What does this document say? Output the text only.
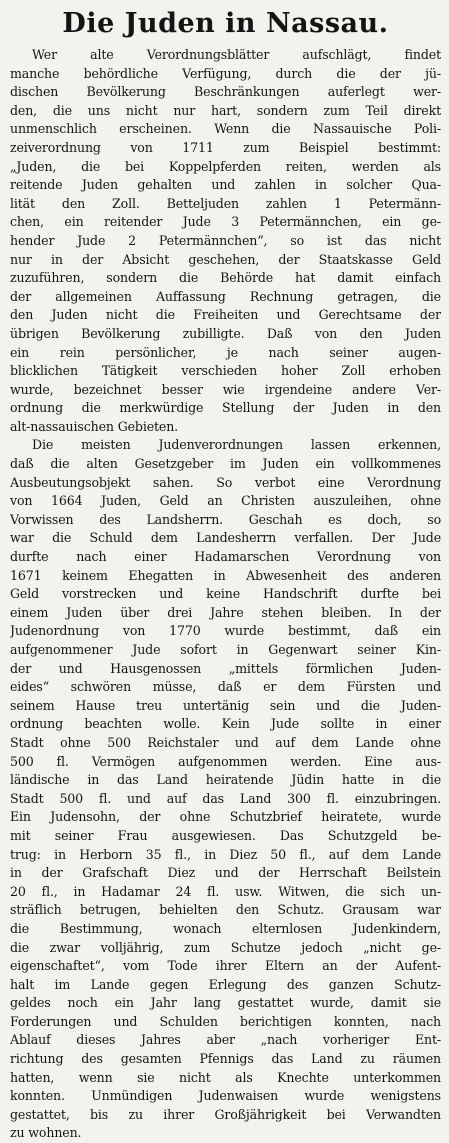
Die Juden in Nassau.
Wer alte Verordnungsblätter aufschlägt, findet
manche behördliche Verfügung, durch die der jü-
dischen Bevölkerung Beschränkungen auferlegt wer-
den, die uns nicht nur hart, sondern zum Teil direkt
unmenschlich erscheinen. Wenn die Nassauische Poli-
zeiverordnung von 1711 zum Beispiel bestimmt:
„Juden, die bei Koppelpferden reiten, werden als
reitende Juden gehalten und zahlen in solcher Qua-
lität den Zoll. Betteljuden zahlen 1 Petermänn-
chen, ein reitender Jude 3 Petermännchen, ein ge-
hender Jude 2 Petermännchen“, so ist das nicht
nur in der Absicht geschehen, der Staatskasse Geld
zuzuführen, sondern die Behörde hat damit einfach
der allgemeinen Auffassung Rechnung getragen, die
den Juden nicht die Freiheiten und Gerechtsame der
übrigen Bevölkerung zubilligte. Daß von den Juden
ein rein persönlicher, je nach seiner augen-
blicklichen Tätigkeit verschieden hoher Zoll erhoben
wurde, bezeichnet besser wie irgendeine andere Ver-
ordnung die merkwürdige Stellung der Juden in den
alt-nassauischen Gebieten.
Die meisten Judenverordnungen lassen erkennen,
daß die alten Gesetzgeber im Juden ein vollkommenes
Ausbeutungsobjekt sahen. So verbot eine Verordnung
von 1664 Juden, Geld an Christen auszuleihen, ohne
Vorwissen des Landsherrn. Geschah es doch, so
war die Schuld dem Landesherrn verfallen. Der Jude
durfte nach einer Hadamarschen Verordnung von
1671 keinem Ehegatten in Abwesenheit des anderen
Geld vorstrecken und keine Handschrift durfte bei
einem Juden über drei Jahre stehen bleiben. In der
Judenordnung von 1770 wurde bestimmt, daß ein
aufgenommener Jude sofort in Gegenwart seiner Kin-
der und Hausgenossen „mittels förmlichen Juden-
eides“ schwören müsse, daß er dem Fürsten und
seinem Hause treu untertänig sein und die Juden-
ordnung beachten wolle. Kein Jude sollte in einer
Stadt ohne 500 Reichstaler und auf dem Lande ohne
500 fl. Vermögen aufgenommen werden. Eine aus-
ländische in das Land heiratende Jüdin hatte in die
Stadt 500 fl. und auf das Land 300 fl. einzubringen.
Ein Judensohn, der ohne Schutzbrief heiratete, wurde
mit seiner Frau ausgewiesen. Das Schutzgeld be-
trug: in Herborn 35 fl., in Diez 50 fl., auf dem Lande
in der Grafschaft Diez und der Herrschaft Beilstein
20 fl., in Hadamar 24 fl. usw. Witwen, die sich un-
sträflich betrugen, behielten den Schutz. Grausam war
die Bestimmung, wonach elternlosen Judenkindern,
die zwar volljährig, zum Schutze jedoch „nicht ge-
eigenschaftet“, vom Tode ihrer Eltern an der Aufent-
halt im Lande gegen Erlegung des ganzen Schutz-
geldes noch ein Jahr lang gestattet wurde, damit sie
Forderungen und Schulden berichtigen konnten, nach
Ablauf dieses Jahres aber „nach vorheriger Ent-
richtung des gesamten Pfennigs das Land zu räumen
hatten, wenn sie nicht als Knechte unterkommen
konnten. Unmündigen Judenwaisen wurde wenigstens
gestattet, bis zu ihrer Großjährigkeit bei Verwandten
zu wohnen.
